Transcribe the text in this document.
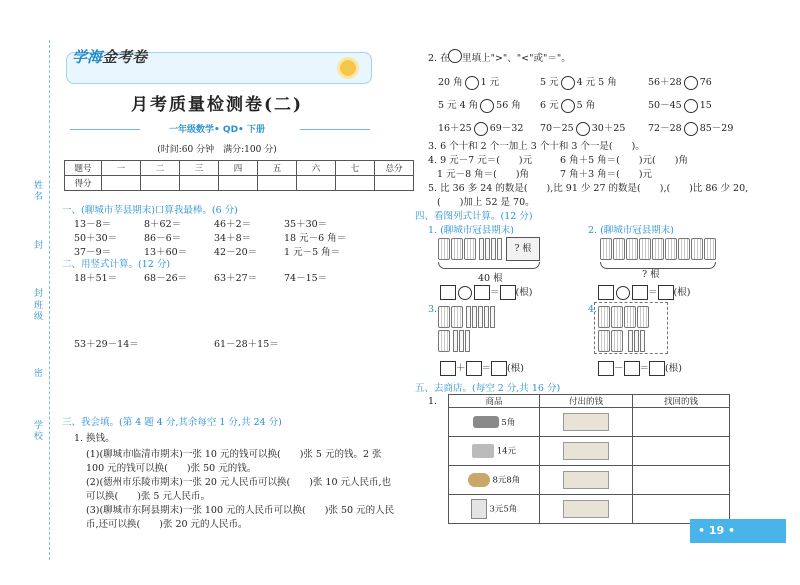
姓名
封
封
班级
密
学校
学海金考卷
月考质量检测卷(二)
一年级数学• QD• 下册
(时间:60 分钟　满分:100 分)
题号	一	二	三	四	五	六	七	总分
得分								
一、(聊城市莘县期末)口算我最棒。(6 分)
13－8＝	8＋62＝	46＋2＝	35＋30＝
50＋30＝	86－6＝	34＋8＝	18 元－6 角＝
37－9＝	13＋60＝	42－20＝	1 元－5 角＝
二、用竖式计算。(12 分)
18＋51＝	68－26＝	63＋27＝	74－15＝
53＋29－14＝	61－28＋15＝
三、我会填。(第 4 题 4 分,其余每空 1 分,共 24 分)
1. 换钱。
(1)(聊城市临清市期末)一张 10 元的钱可以换(　　)张 5 元的钱。2 张
100 元的钱可以换(　　)张 50 元的钱。
(2)(德州市乐陵市期末)一张 20 元人民币可以换(　　)张 10 元人民币,也
可以换(　　)张 5 元人民币。
(3)(聊城市东阿县期末)一张 100 元的人民币可以换(　　)张 50 元的人民
币,还可以换(　　)张 20 元的人民币。
2. 在　 里填上">"、"<"或"＝"。
20 角 1 元	5 元 4 元 5 角	56＋28 76
5 元 4 角 56 角 6 元 5 角	50－45 15
16＋25 69－32 70－25 30＋25 72－28 85－29
3. 6 个十和 2 个一加上 3 个十和 3 个一是(　　)。
4. 9 元－7 元＝(　　)元	6 角＋5 角＝(　　)元(　　)角
1 元－8 角＝(　　)角	7 角＋3 角＝(　　)元
5. 比 36 多 24 的数是(　　),比 91 少 27 的数是(　　),(　　)比 86 少 20,
(　　)加上 52 是 70。
四、看图列式计算。(12 分)
1. (聊城市冠县期末)	2. (聊城市冠县期末)
? 根
40 根
＝ (根)
? 根
＝ (根)
3.
＋ ＝ (根)
4.
－ ＝ (根)
五、去商店。(每空 2 分,共 16 分)
1.	商品	付出的钱	找回的钱
5角		
14元		
8元8角		
3元5角		
• 19 •
